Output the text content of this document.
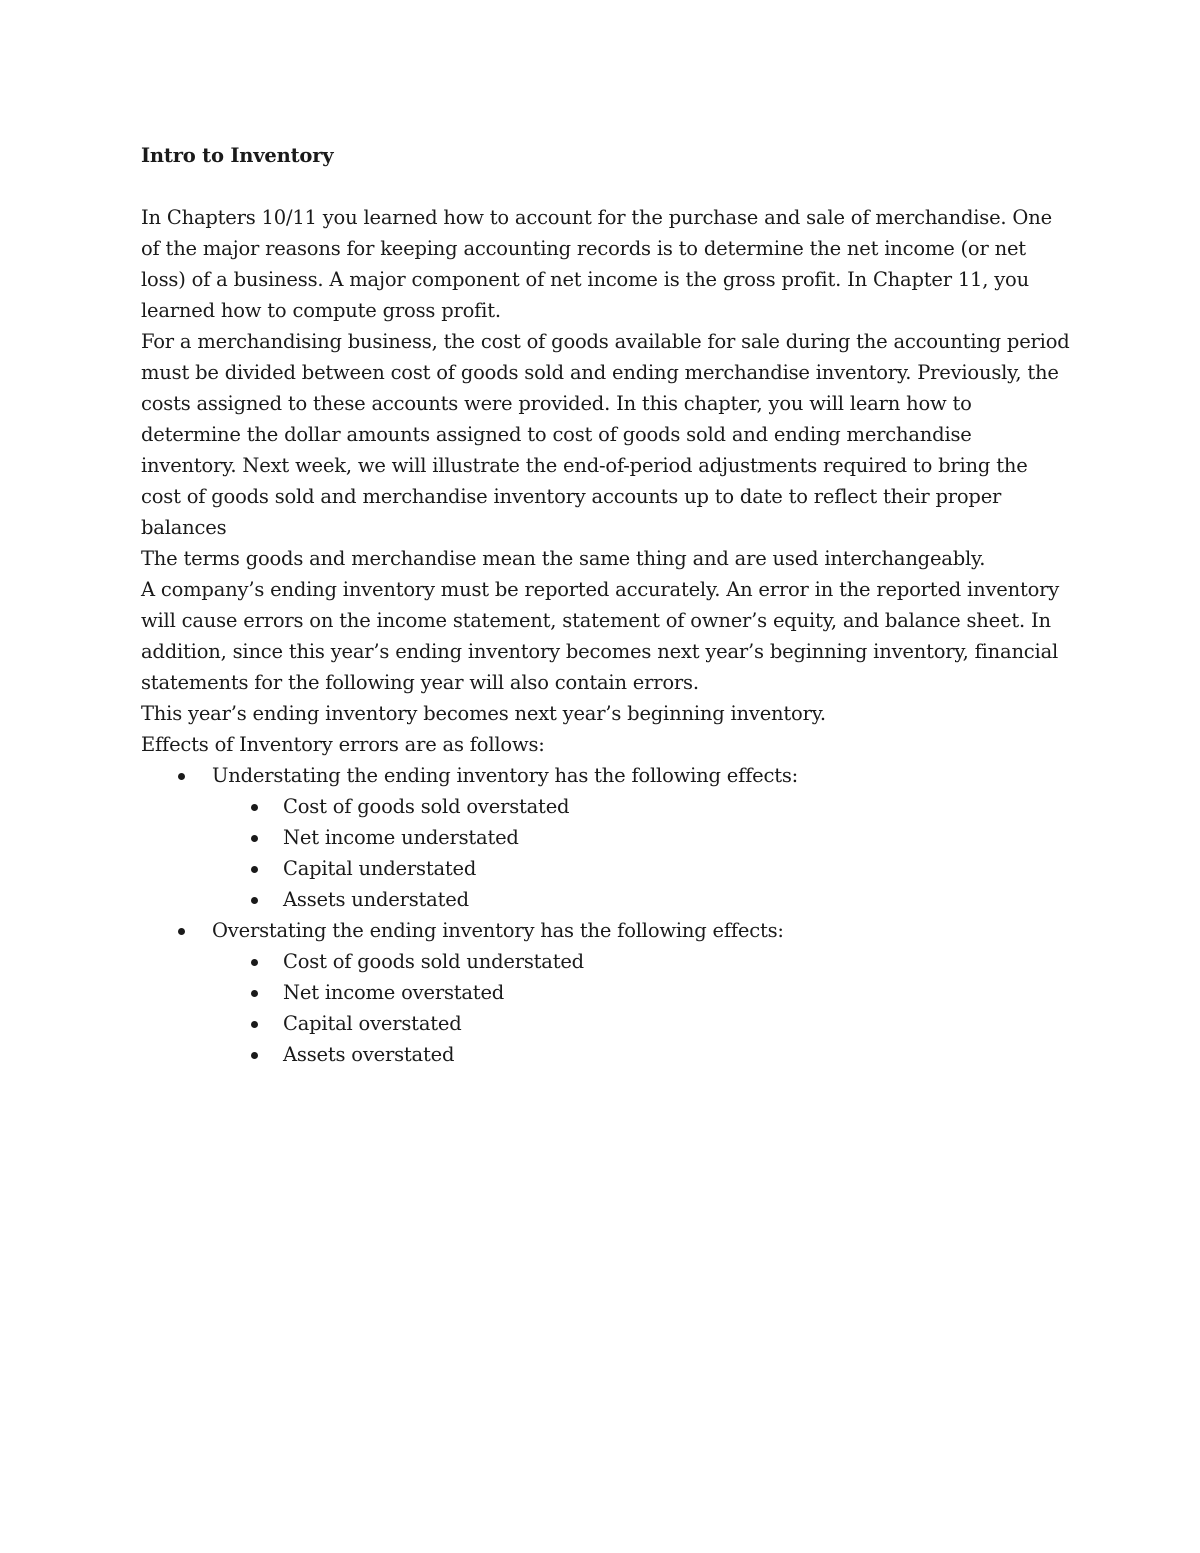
Intro to Inventory

In Chapters 10/11 you learned how to account for the purchase and sale of merchandise. One of the major reasons for keeping accounting records is to determine the net income (or net loss) of a business. A major component of net income is the gross profit. In Chapter 11, you learned how to compute gross profit.

For a merchandising business, the cost of goods available for sale during the accounting period must be divided between cost of goods sold and ending merchandise inventory. Previously, the costs assigned to these accounts were provided. In this chapter, you will learn how to determine the dollar amounts assigned to cost of goods sold and ending merchandise inventory. Next week, we will illustrate the end-of-period adjustments required to bring the cost of goods sold and merchandise inventory accounts up to date to reflect their proper balances

The terms goods and merchandise mean the same thing and are used interchangeably.

A company’s ending inventory must be reported accurately. An error in the reported inventory will cause errors on the income statement, statement of owner’s equity, and balance sheet. In addition, since this year’s ending inventory becomes next year’s beginning inventory, financial statements for the following year will also contain errors.

This year’s ending inventory becomes next year’s beginning inventory.

Effects of Inventory errors are as follows:

Understating the ending inventory has the following effects:
Cost of goods sold overstated
Net income understated
Capital understated
Assets understated
Overstating the ending inventory has the following effects:
Cost of goods sold understated
Net income overstated
Capital overstated
Assets overstated
